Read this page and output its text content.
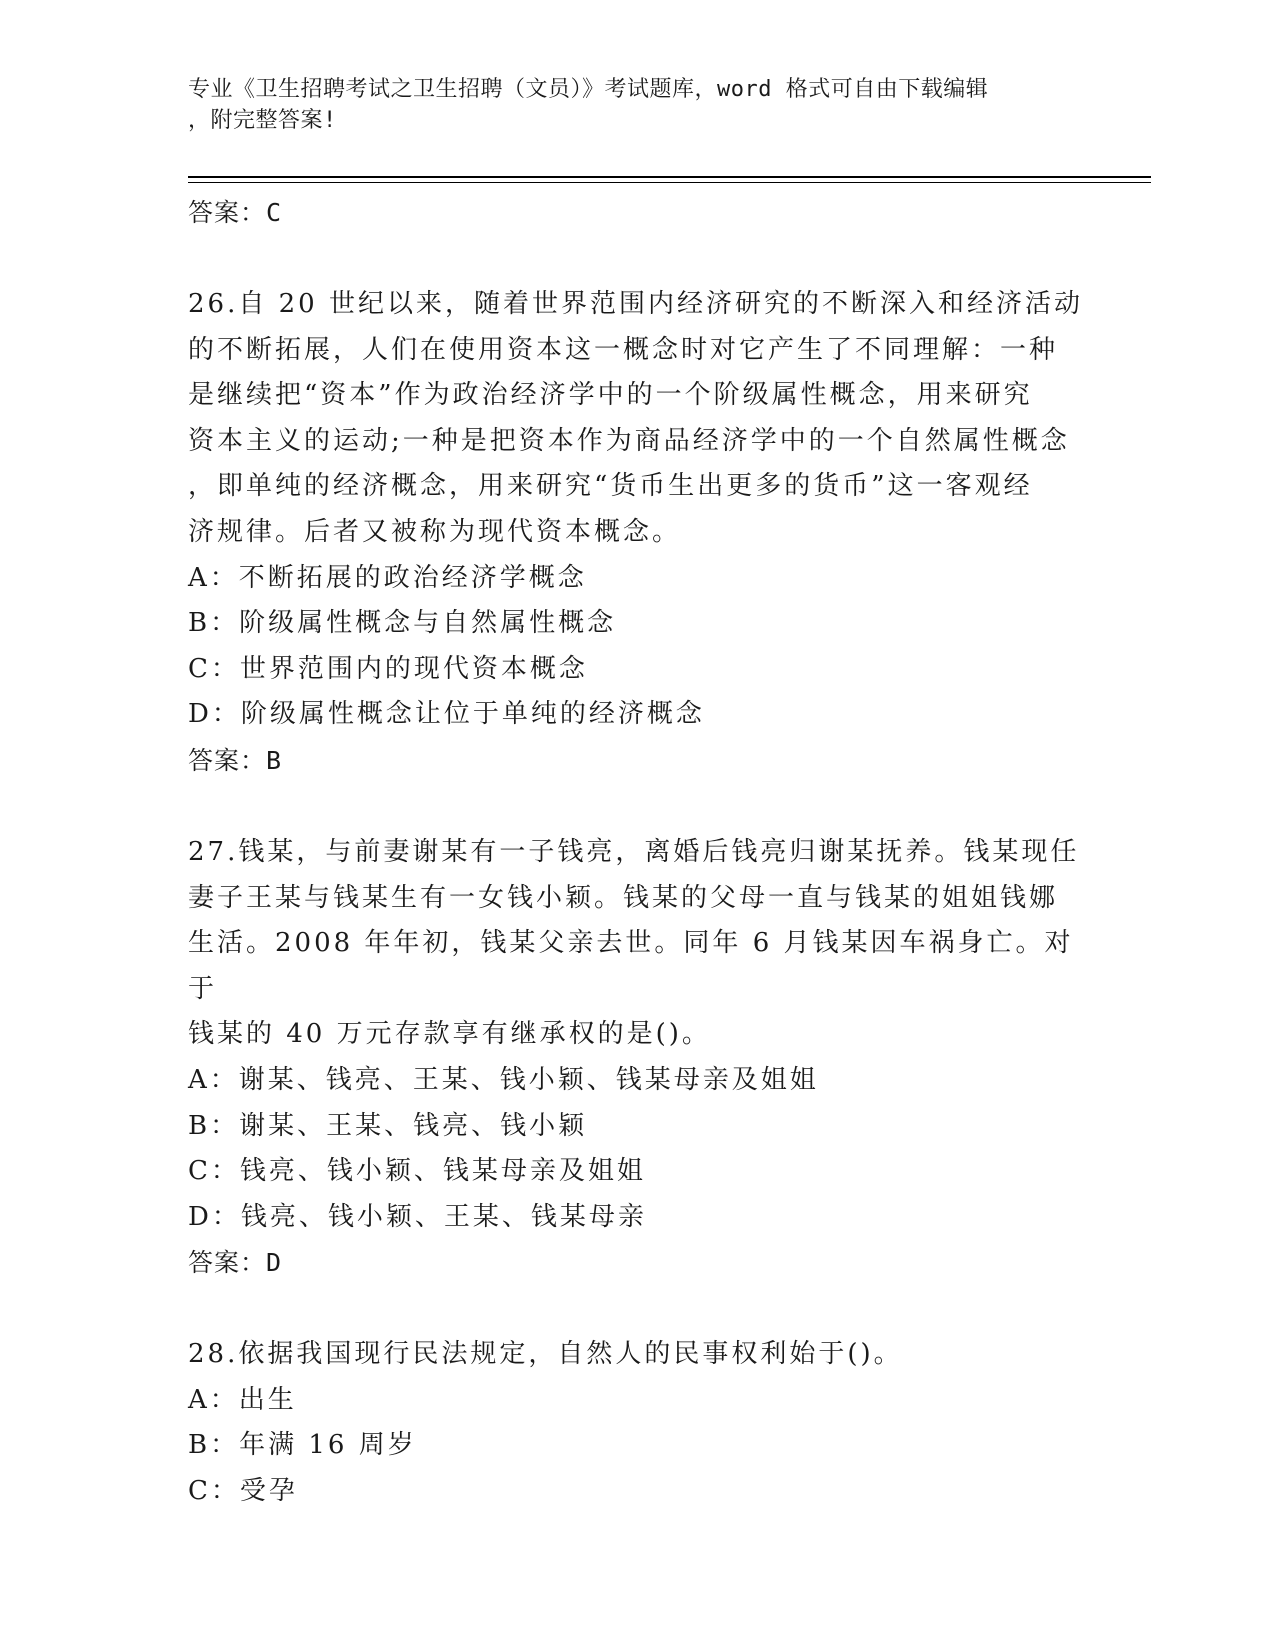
专业《卫生招聘考试之卫生招聘（文员）》考试题库，word 格式可自由下载编辑
，附完整答案!
答案：C
26.自 20 世纪以来，随着世界范围内经济研究的不断深入和经济活动
的不断拓展，人们在使用资本这一概念时对它产生了不同理解：一种
是继续把“资本”作为政治经济学中的一个阶级属性概念，用来研究
资本主义的运动;一种是把资本作为商品经济学中的一个自然属性概念
，即单纯的经济概念，用来研究“货币生出更多的货币”这一客观经
济规律。后者又被称为现代资本概念。
A：不断拓展的政治经济学概念
B：阶级属性概念与自然属性概念
C：世界范围内的现代资本概念
D：阶级属性概念让位于单纯的经济概念
答案：B
27.钱某，与前妻谢某有一子钱亮，离婚后钱亮归谢某抚养。钱某现任
妻子王某与钱某生有一女钱小颖。钱某的父母一直与钱某的姐姐钱娜
生活。2008 年年初，钱某父亲去世。同年 6 月钱某因车祸身亡。对于
钱某的 40 万元存款享有继承权的是()。
A：谢某、钱亮、王某、钱小颖、钱某母亲及姐姐
B：谢某、王某、钱亮、钱小颖
C：钱亮、钱小颖、钱某母亲及姐姐
D：钱亮、钱小颖、王某、钱某母亲
答案：D
28.依据我国现行民法规定，自然人的民事权利始于()。
A：出生
B：年满 16 周岁
C：受孕
